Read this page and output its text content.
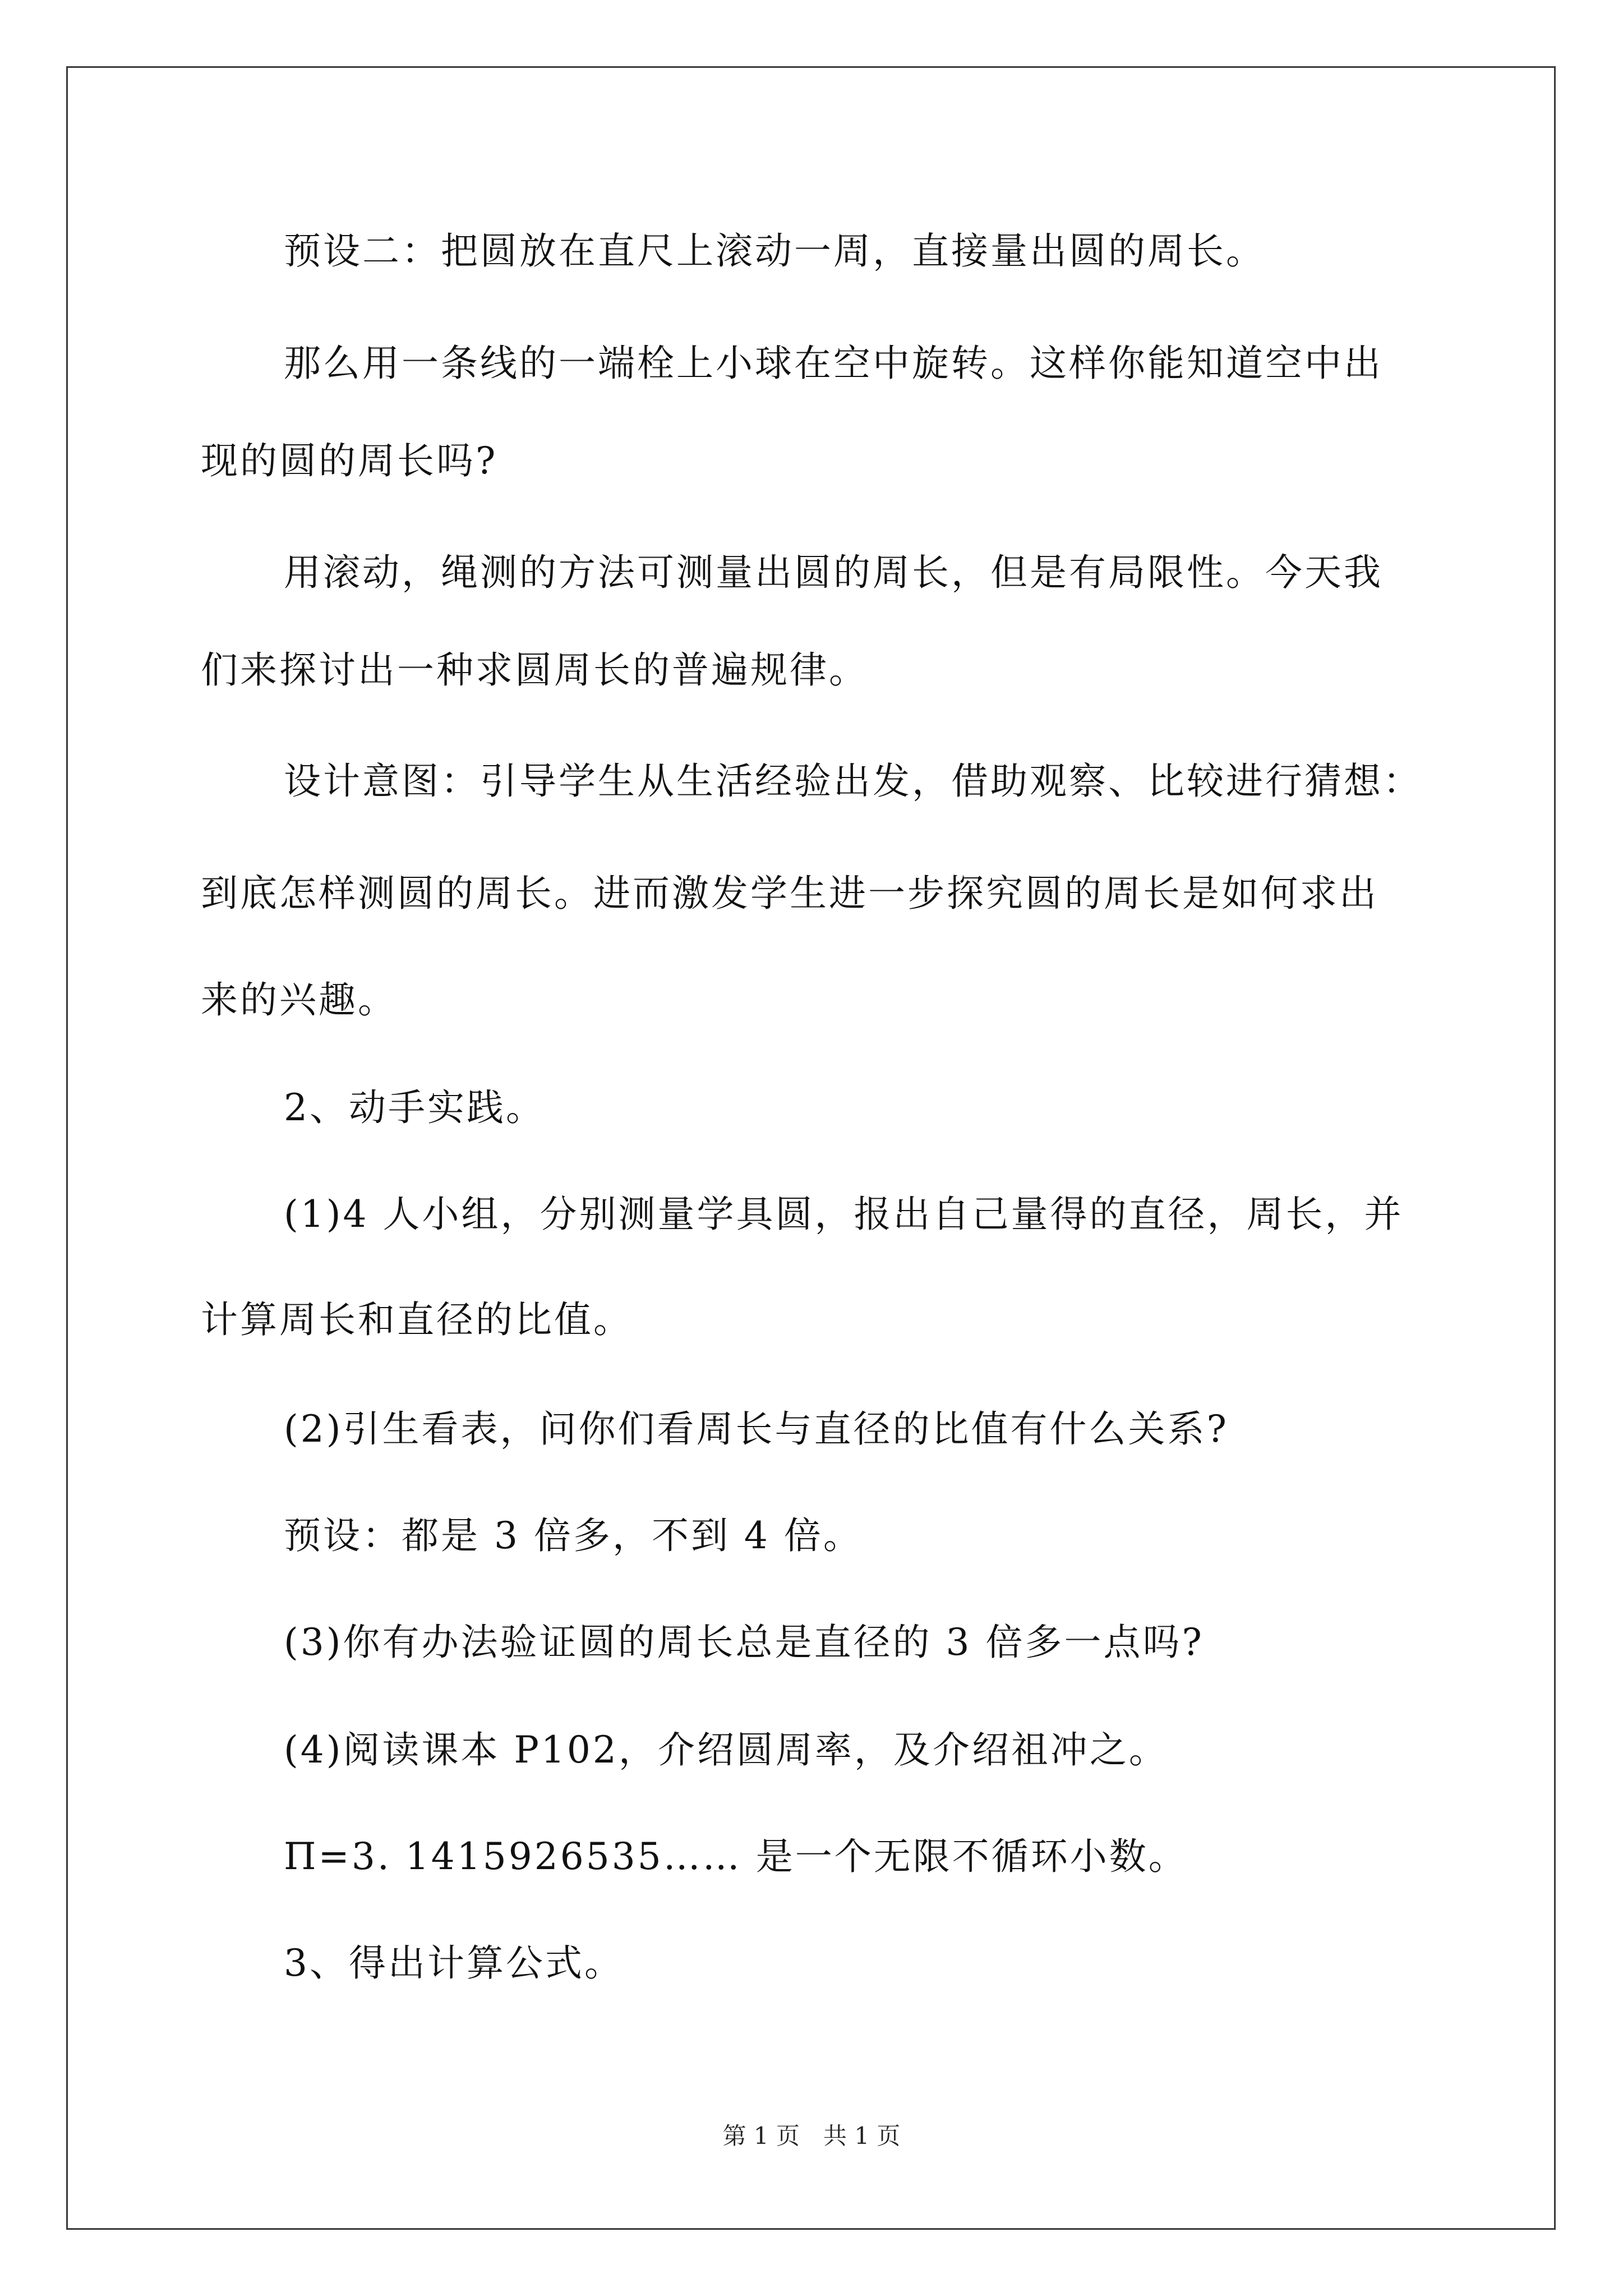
预设二：把圆放在直尺上滚动一周，直接量出圆的周长。
那么用一条线的一端栓上小球在空中旋转。这样你能知道空中出
现的圆的周长吗?
用滚动，绳测的方法可测量出圆的周长，但是有局限性。今天我
们来探讨出一种求圆周长的普遍规律。
设计意图：引导学生从生活经验出发，借助观察、比较进行猜想：
到底怎样测圆的周长。进而激发学生进一步探究圆的周长是如何求出
来的兴趣。
2、动手实践。
(1)4 人小组，分别测量学具圆，报出自己量得的直径，周长，并
计算周长和直径的比值。
(2)引生看表，问你们看周长与直径的比值有什么关系?
预设：都是 3 倍多，不到 4 倍。
(3)你有办法验证圆的周长总是直径的 3 倍多一点吗?
(4)阅读课本 P102，介绍圆周率，及介绍祖冲之。
Π=3. 1415926535…… 是一个无限不循环小数。
3、得出计算公式。
第 1 页　共 1 页
